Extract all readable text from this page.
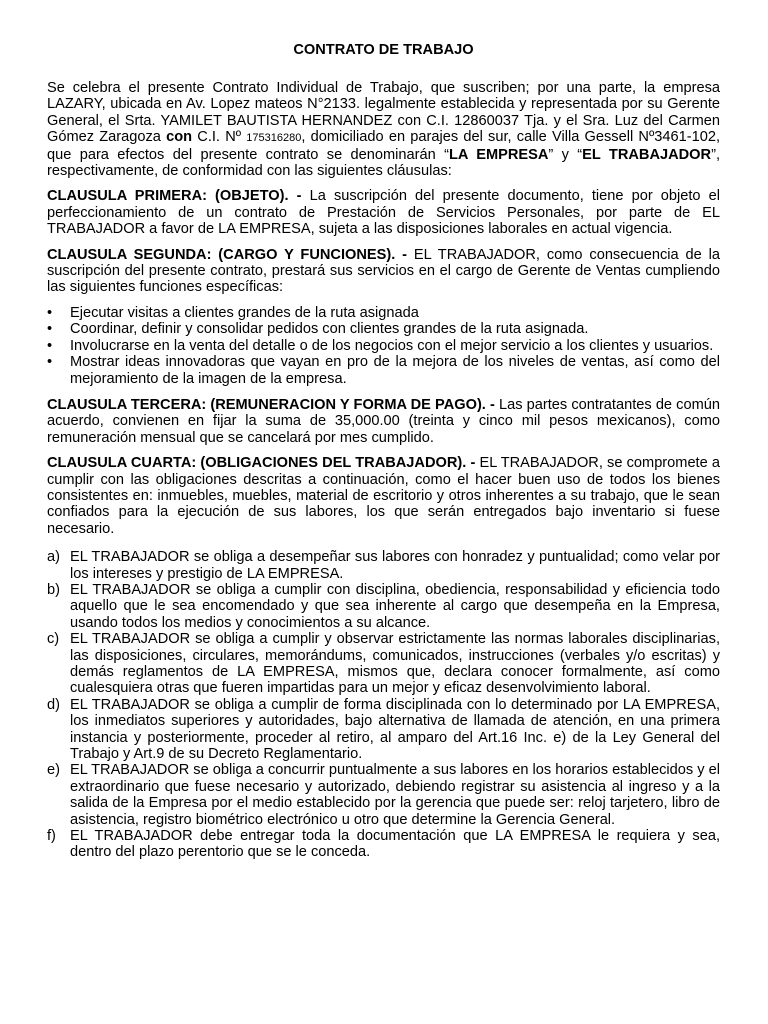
CONTRATO DE TRABAJO

Se celebra el presente Contrato Individual de Trabajo, que suscriben; por una parte, la empresa LAZARY, ubicada en Av. Lopez mateos N°2133. legalmente establecida y representada por su Gerente General, el Srta. YAMILET BAUTISTA HERNANDEZ con C.I. 12860037 Tja. y el Sra. Luz del Carmen Gómez Zaragoza con C.I. Nº 175316280, domiciliado en parajes del sur, calle Villa Gessell Nº3461-102, que para efectos del presente contrato se denominarán “LA EMPRESA” y “EL TRABAJADOR”, respectivamente, de conformidad con las siguientes cláusulas:

CLAUSULA PRIMERA: (OBJETO). - La suscripción del presente documento, tiene por objeto el perfeccionamiento de un contrato de Prestación de Servicios Personales, por parte de EL TRABAJADOR a favor de LA EMPRESA, sujeta a las disposiciones laborales en actual vigencia.

CLAUSULA SEGUNDA: (CARGO Y FUNCIONES). - EL TRABAJADOR, como consecuencia de la suscripción del presente contrato, prestará sus servicios en el cargo de Gerente de Ventas cumpliendo las siguientes funciones específicas:

• Ejecutar visitas a clientes grandes de la ruta asignada
• Coordinar, definir y consolidar pedidos con clientes grandes de la ruta asignada.
• Involucrarse en la venta del detalle o de los negocios con el mejor servicio a los clientes y usuarios.
• Mostrar ideas innovadoras que vayan en pro de la mejora de los niveles de ventas, así como del mejoramiento de la imagen de la empresa.

CLAUSULA TERCERA: (REMUNERACION Y FORMA DE PAGO). - Las partes contratantes de común acuerdo, convienen en fijar la suma de 35,000.00 (treinta y cinco mil pesos mexicanos), como remuneración mensual que se cancelará por mes cumplido.

CLAUSULA CUARTA: (OBLIGACIONES DEL TRABAJADOR). - EL TRABAJADOR, se compromete a cumplir con las obligaciones descritas a continuación, como el hacer buen uso de todos los bienes consistentes en: inmuebles, muebles, material de escritorio y otros inherentes a su trabajo, que le sean confiados para la ejecución de sus labores, los que serán entregados bajo inventario si fuese necesario.

a) EL TRABAJADOR se obliga a desempeñar sus labores con honradez y puntualidad; como velar por los intereses y prestigio de LA EMPRESA.
b) EL TRABAJADOR se obliga a cumplir con disciplina, obediencia, responsabilidad y eficiencia todo aquello que le sea encomendado y que sea inherente al cargo que desempeña en la Empresa, usando todos los medios y conocimientos a su alcance.
c) EL TRABAJADOR se obliga a cumplir y observar estrictamente las normas laborales disciplinarias, las disposiciones, circulares, memorándums, comunicados, instrucciones (verbales y/o escritas) y demás reglamentos de LA EMPRESA, mismos que, declara conocer formalmente, así como cualesquiera otras que fueren impartidas para un mejor y eficaz desenvolvimiento laboral.
d) EL TRABAJADOR se obliga a cumplir de forma disciplinada con lo determinado por LA EMPRESA, los inmediatos superiores y autoridades, bajo alternativa de llamada de atención, en una primera instancia y posteriormente, proceder al retiro, al amparo del Art.16 Inc. e) de la Ley General del Trabajo y Art.9 de su Decreto Reglamentario.
e) EL TRABAJADOR se obliga a concurrir puntualmente a sus labores en los horarios establecidos y el extraordinario que fuese necesario y autorizado, debiendo registrar su asistencia al ingreso y a la salida de la Empresa por el medio establecido por la gerencia que puede ser: reloj tarjetero, libro de asistencia, registro biométrico electrónico u otro que determine la Gerencia General.
f) EL TRABAJADOR debe entregar toda la documentación que LA EMPRESA le requiera y sea, dentro del plazo perentorio que se le conceda.
